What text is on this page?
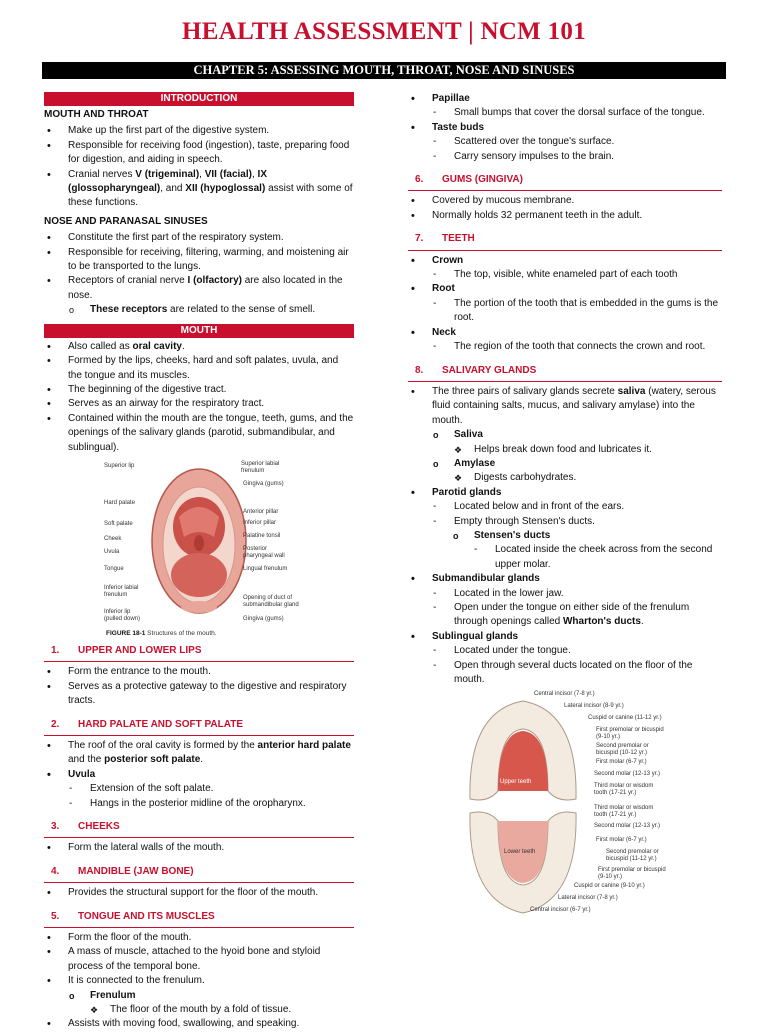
HEALTH ASSESSMENT | NCM 101
CHAPTER 5: ASSESSING MOUTH, THROAT, NOSE AND SINUSES
INTRODUCTION
MOUTH AND THROAT
• Make up the first part of the digestive system.
• Responsible for receiving food (ingestion), taste, preparing food for digestion, and aiding in speech.
• Cranial nerves V (trigeminal), VII (facial), IX (glossopharyngeal), and XII (hypoglossal) assist with some of these functions.
NOSE AND PARANASAL SINUSES
• Constitute the first part of the respiratory system.
• Responsible for receiving, filtering, warming, and moistening air to be transported to the lungs.
• Receptors of cranial nerve I (olfactory) are also located in the nose.
o These receptors are related to the sense of smell.
MOUTH
• Also called as oral cavity.
• Formed by the lips, cheeks, hard and soft palates, uvula, and the tongue and its muscles.
• The beginning of the digestive tract.
• Serves as an airway for the respiratory tract.
• Contained within the mouth are the tongue, teeth, gums, and the openings of the salivary glands (parotid, submandibular, and sublingual).
Superior lip
Hard palate
Soft palate
Cheek
Uvula
Tongue
Inferior labial frenulum
Inferior lip (pulled down)
Superior labial frenulum
Gingiva (gums)
Anterior pillar
Inferior pillar
Palatine tonsil
Posterior pharyngeal wall
Lingual frenulum
Opening of duct of submandibular gland
Gingiva (gums)
FIGURE 18-1 Structures of the mouth.
1. UPPER AND LOWER LIPS
• Form the entrance to the mouth.
• Serves as a protective gateway to the digestive and respiratory tracts.
2. HARD PALATE AND SOFT PALATE
• The roof of the oral cavity is formed by the anterior hard palate and the posterior soft palate.
• Uvula
- Extension of the soft palate.
- Hangs in the posterior midline of the oropharynx.
3. CHEEKS
• Form the lateral walls of the mouth.
4. MANDIBLE (JAW BONE)
• Provides the structural support for the floor of the mouth.
5. TONGUE AND ITS MUSCLES
• Form the floor of the mouth.
• A mass of muscle, attached to the hyoid bone and styloid process of the temporal bone.
• It is connected to the frenulum.
o Frenulum
❖ The floor of the mouth by a fold of tissue.
• Assists with moving food, swallowing, and speaking.
• Papillae
- Small bumps that cover the dorsal surface of the tongue.
• Taste buds
- Scattered over the tongue's surface.
- Carry sensory impulses to the brain.
6. GUMS (GINGIVA)
• Covered by mucous membrane.
• Normally holds 32 permanent teeth in the adult.
7. TEETH
• Crown
- The top, visible, white enameled part of each tooth
• Root
- The portion of the tooth that is embedded in the gums is the root.
• Neck
- The region of the tooth that connects the crown and root.
8. SALIVARY GLANDS
• The three pairs of salivary glands secrete saliva (watery, serous fluid containing salts, mucus, and salivary amylase) into the mouth.
o Saliva
❖ Helps break down food and lubricates it.
o Amylase
❖ Digests carbohydrates.
• Parotid glands
- Located below and in front of the ears.
- Empty through Stensen's ducts.
o Stensen's ducts
- Located inside the cheek across from the second upper molar.
• Submandibular glands
- Located in the lower jaw.
- Open under the tongue on either side of the frenulum through openings called Wharton's ducts.
• Sublingual glands
- Located under the tongue.
- Open through several ducts located on the floor of the mouth.
Upper teeth
Lower teeth
Central incisor (7-8 yr.)
Lateral incisor (8-9 yr.)
Cuspid or canine (11-12 yr.)
First premolar or bicuspid (9-10 yr.)
Second premolar or bicuspid (10-12 yr.)
First molar (6-7 yr.)
Second molar (12-13 yr.)
Third molar or wisdom tooth (17-21 yr.)
Third molar or wisdom tooth (17-21 yr.)
Second molar (12-13 yr.)
First molar (6-7 yr.)
Second premolar or bicuspid (11-12 yr.)
First premolar or bicuspid (9-10 yr.)
Cuspid or canine (9-10 yr.)
Lateral incisor (7-8 yr.)
Central incisor (6-7 yr.)
